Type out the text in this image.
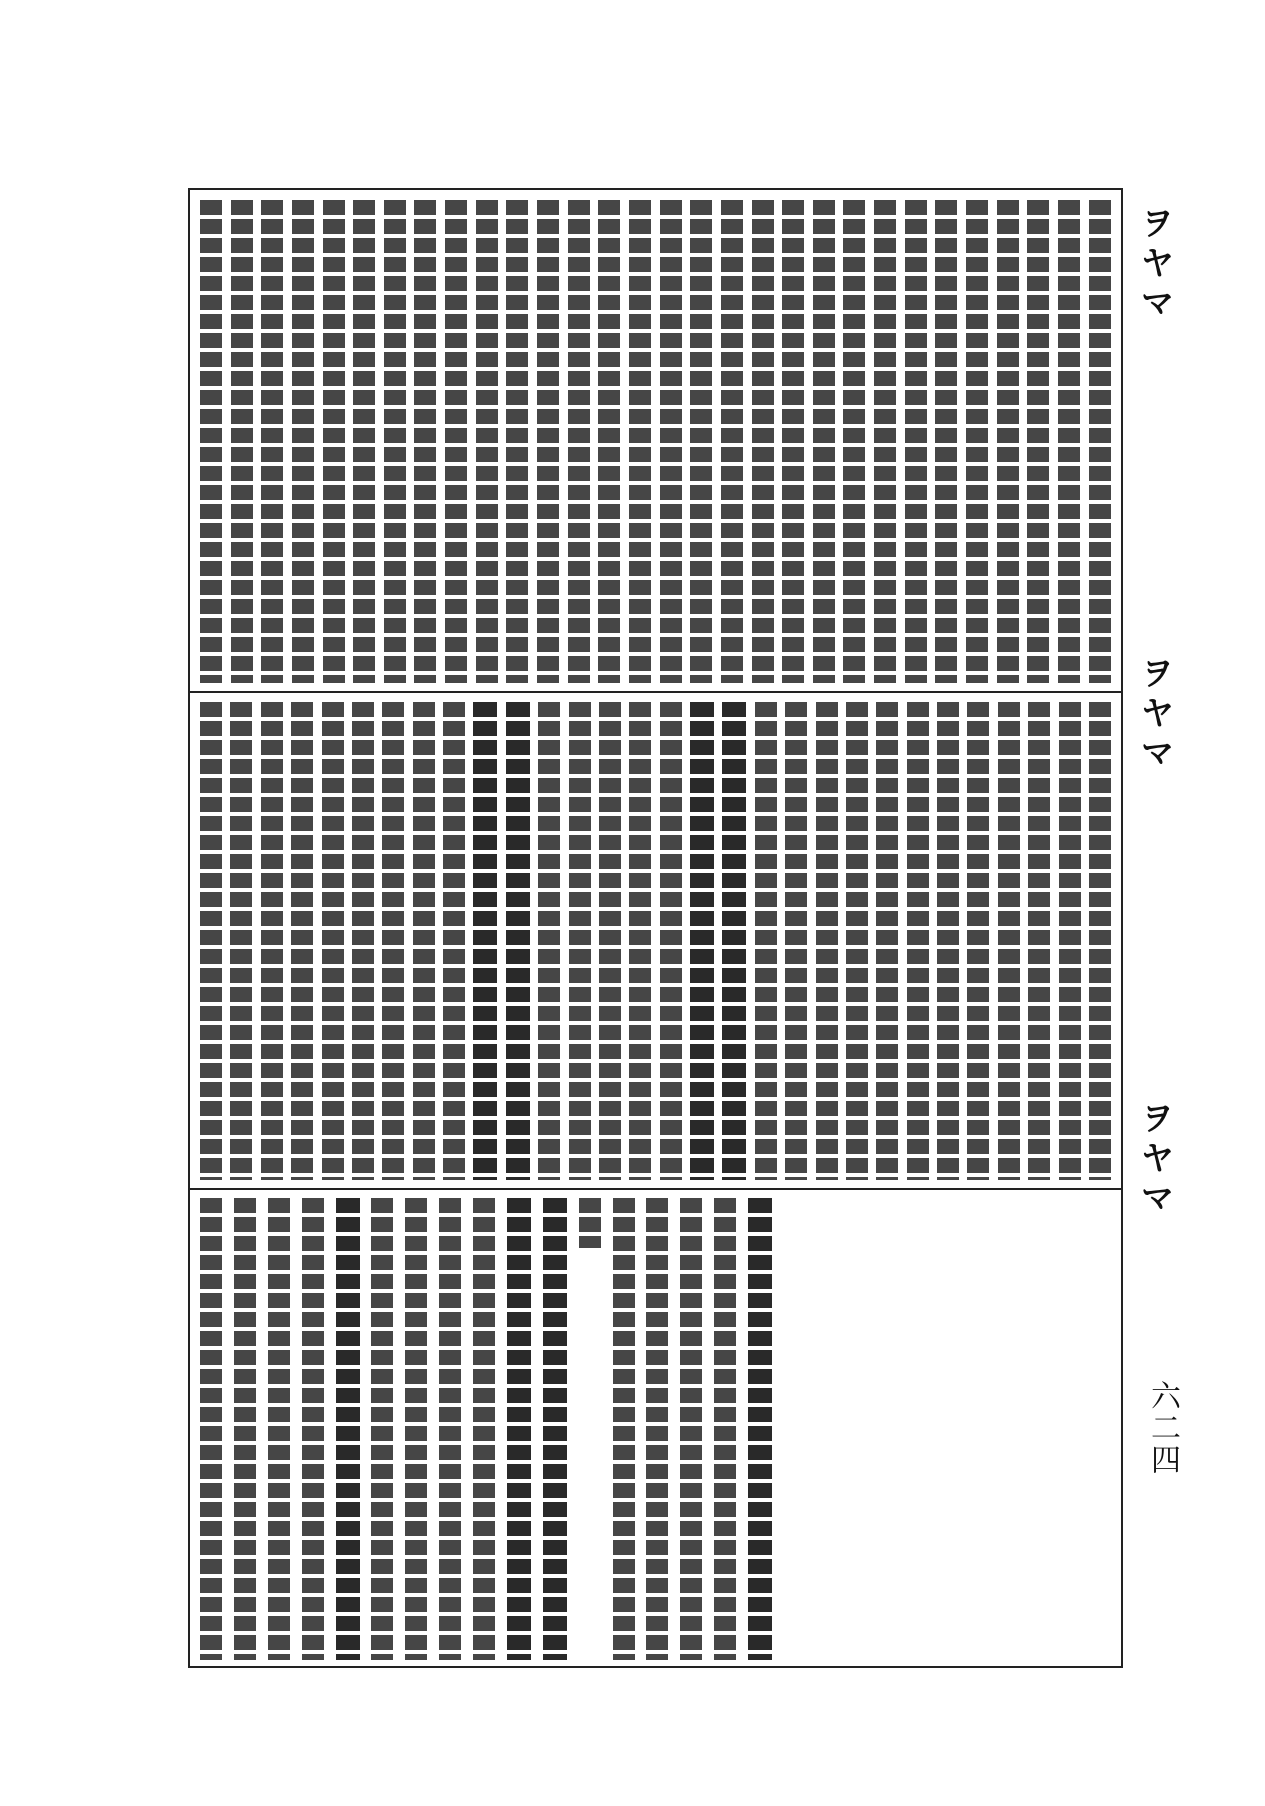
ヲヤマ
ヲヤマ
ヲヤマ
六二四
